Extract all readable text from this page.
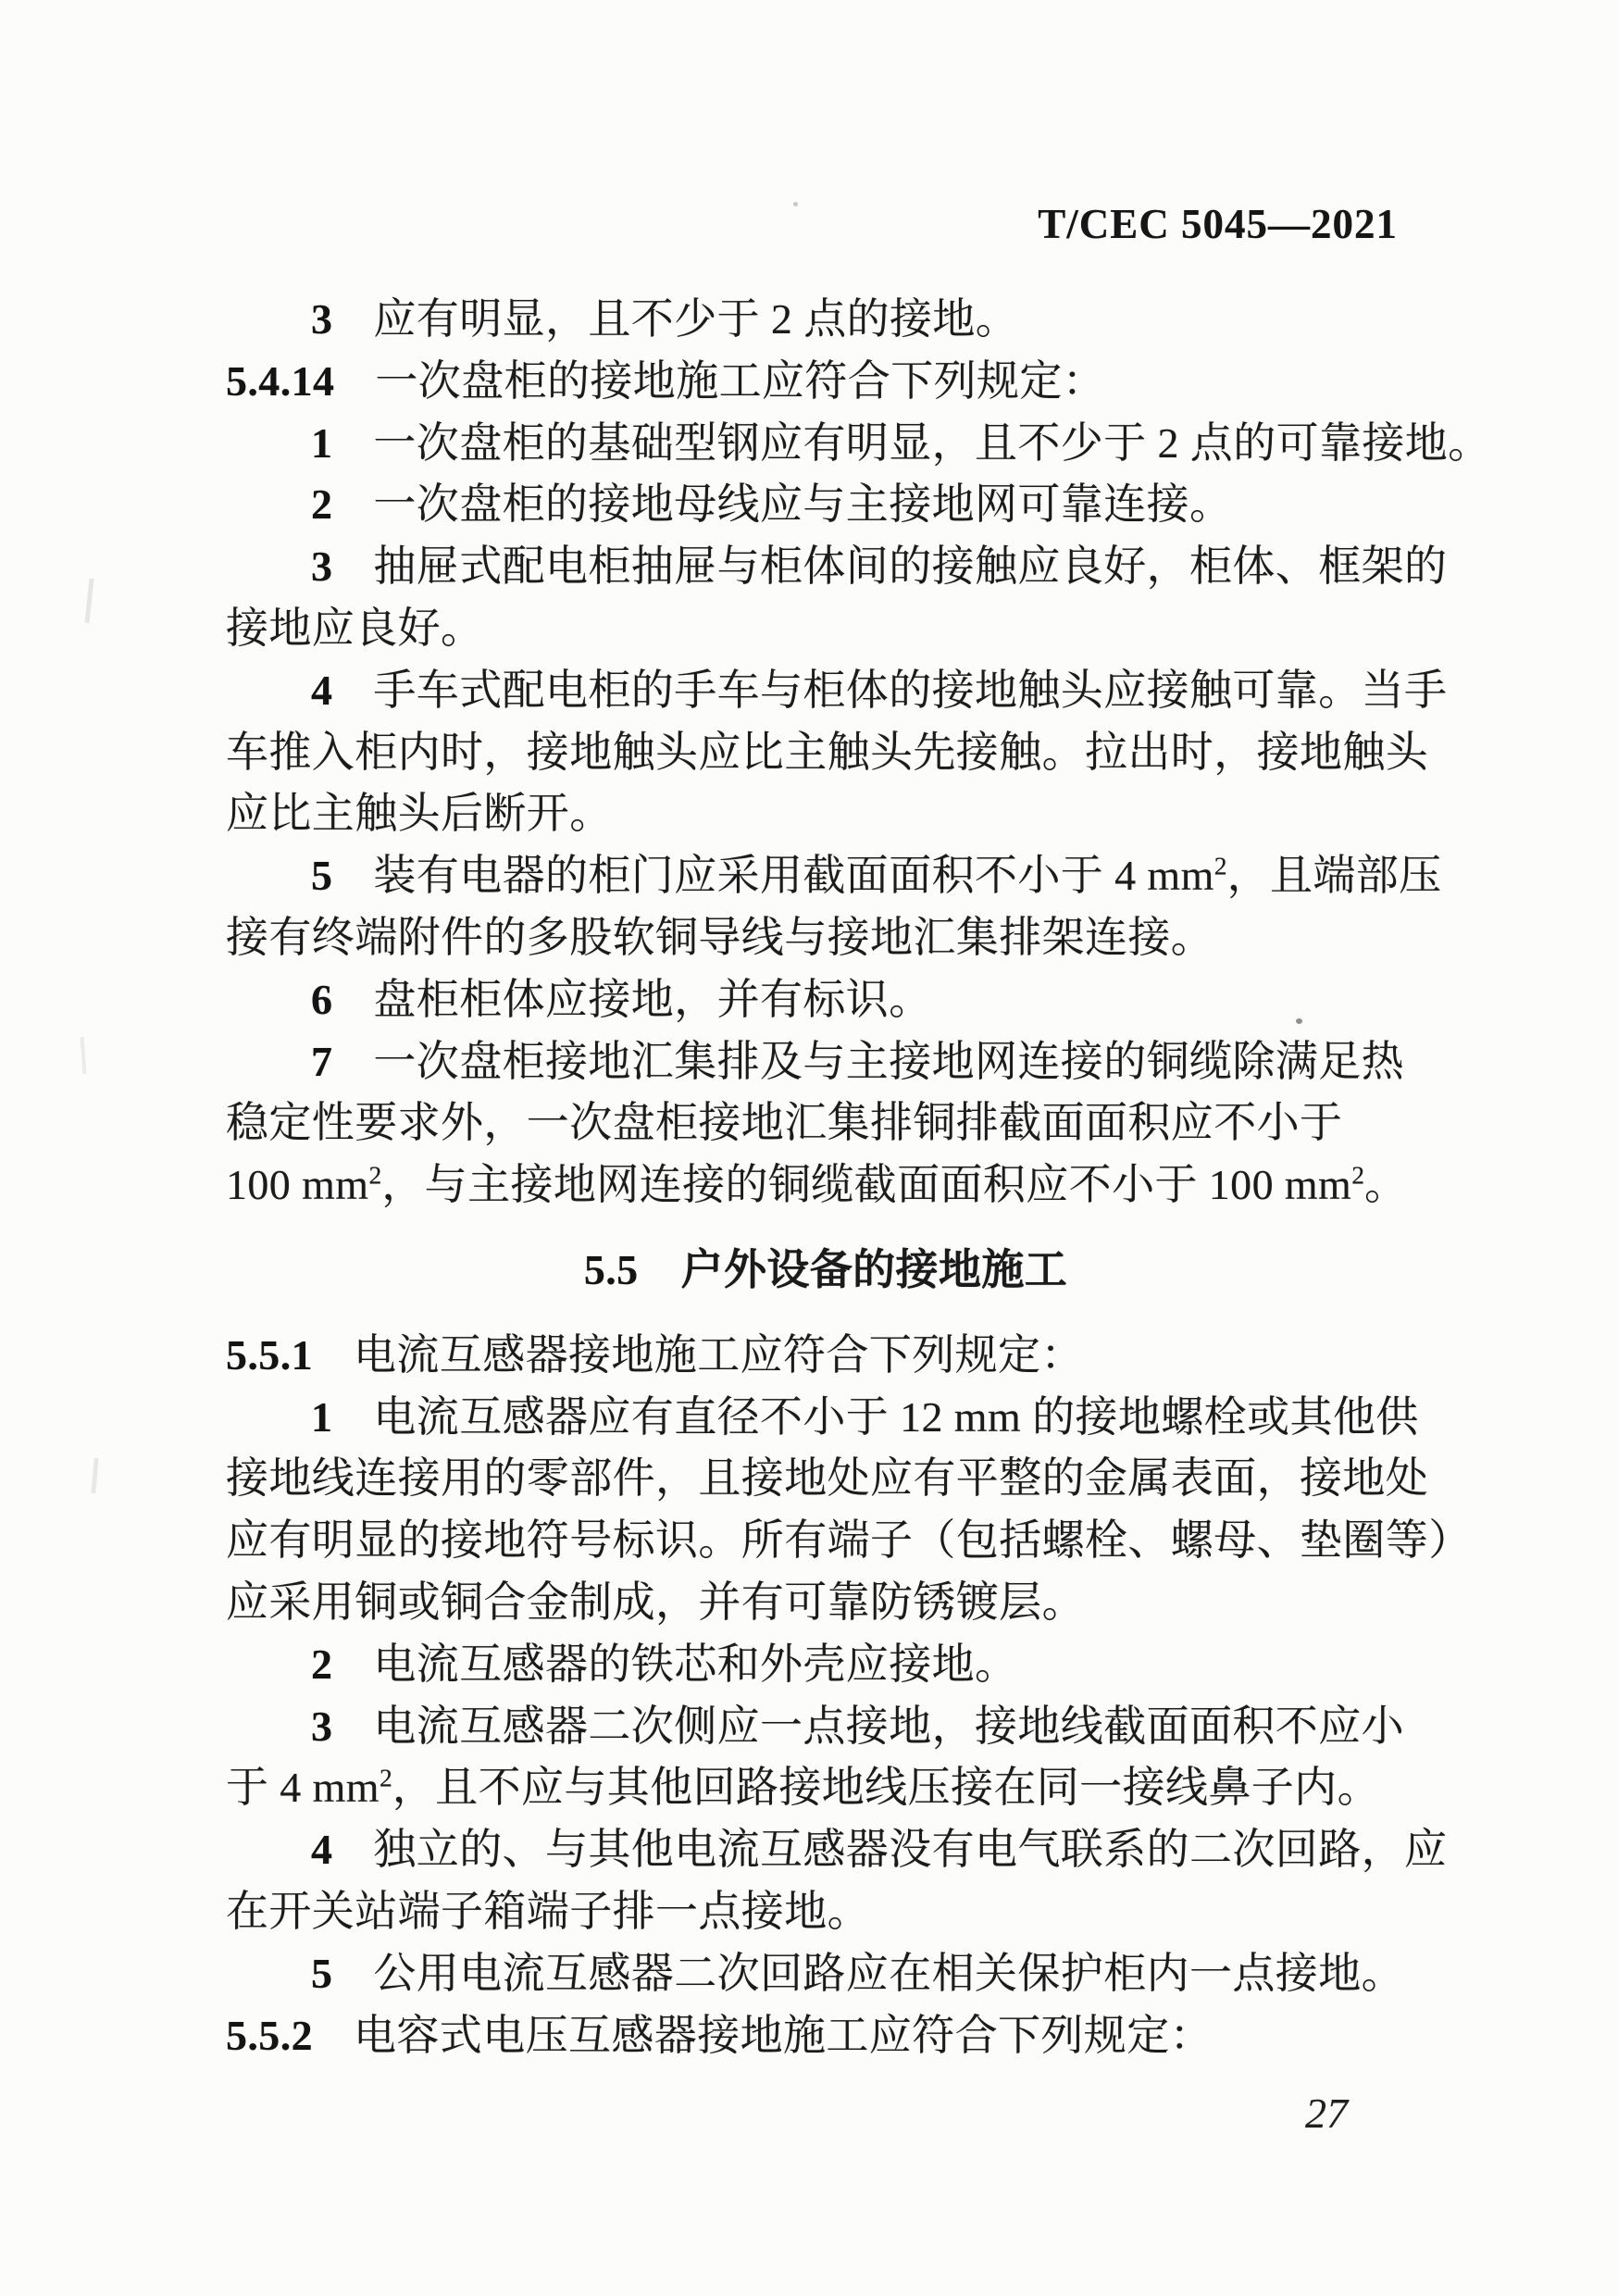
T/CEC 5045—2021
3 应有明显，且不少于 2 点的接地。
5.4.14 一次盘柜的接地施工应符合下列规定：
1 一次盘柜的基础型钢应有明显，且不少于 2 点的可靠接地。
2 一次盘柜的接地母线应与主接地网可靠连接。
3 抽屉式配电柜抽屉与柜体间的接触应良好，柜体、框架的
接地应良好。
4 手车式配电柜的手车与柜体的接地触头应接触可靠。当手
车推入柜内时，接地触头应比主触头先接触。拉出时，接地触头
应比主触头后断开。
5 装有电器的柜门应采用截面面积不小于 4 $mm^2$，且端部压
接有终端附件的多股软铜导线与接地汇集排架连接。
6 盘柜柜体应接地，并有标识。
7 一次盘柜接地汇集排及与主接地网连接的铜缆除满足热
稳定性要求外，一次盘柜接地汇集排铜排截面面积应不小于
100 $mm^2$，与主接地网连接的铜缆截面面积应不小于 100 $mm^2$。
5.5 户外设备的接地施工
5.5.1 电流互感器接地施工应符合下列规定：
1 电流互感器应有直径不小于 12 mm 的接地螺栓或其他供
接地线连接用的零部件，且接地处应有平整的金属表面，接地处
应有明显的接地符号标识。所有端子（包括螺栓、螺母、垫圈等）
应采用铜或铜合金制成，并有可靠防锈镀层。
2 电流互感器的铁芯和外壳应接地。
3 电流互感器二次侧应一点接地，接地线截面面积不应小
于 4 $mm^2$，且不应与其他回路接地线压接在同一接线鼻子内。
4 独立的、与其他电流互感器没有电气联系的二次回路，应
在开关站端子箱端子排一点接地。
5 公用电流互感器二次回路应在相关保护柜内一点接地。
5.5.2 电容式电压互感器接地施工应符合下列规定：
27
